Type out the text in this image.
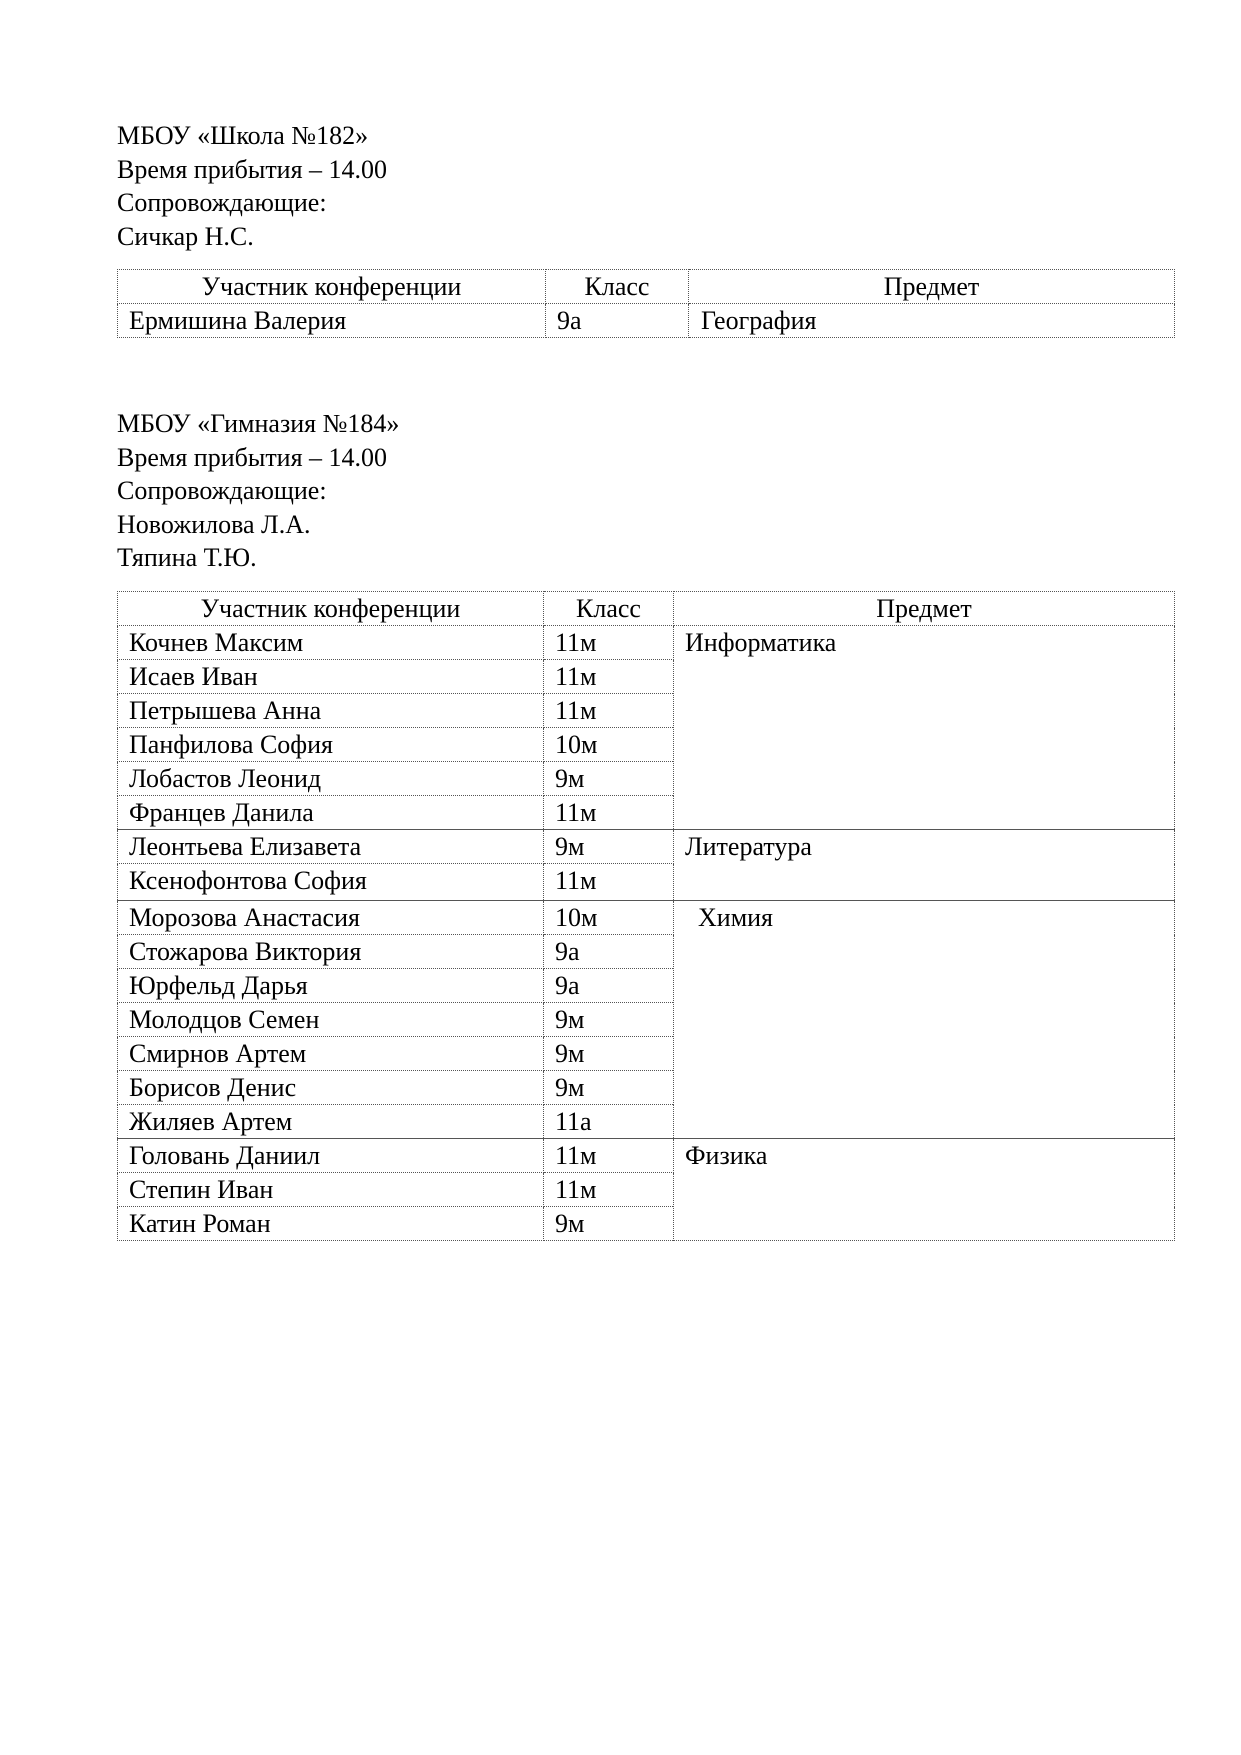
МБОУ «Школа №182»
Время прибытия – 14.00
Сопровождающие:
Сичкар Н.С.
Участник конференции	Класс	Предмет
Ермишина Валерия	9а	География
МБОУ «Гимназия №184»
Время прибытия – 14.00
Сопровождающие:
Новожилова Л.А.
Тяпина Т.Ю.
Участник конференции	Класс	Предмет
Кочнев Максим	11м	Информатика
Исаев Иван	11м	
Петрышева Анна	11м	
Панфилова София	10м	
Лобастов Леонид	9м	
Францев Данила	11м	
Леонтьева Елизавета	9м	Литература
Ксенофонтова София	11м	
Морозова Анастасия	10м	Химия
Стожарова Виктория	9а	
Юрфельд Дарья	9а	
Молодцов Семен	9м	
Смирнов Артем	9м	
Борисов Денис	9м	
Жиляев Артем	11а	
Головань Даниил	11м	Физика
Степин Иван	11м	
Катин Роман	9м	
